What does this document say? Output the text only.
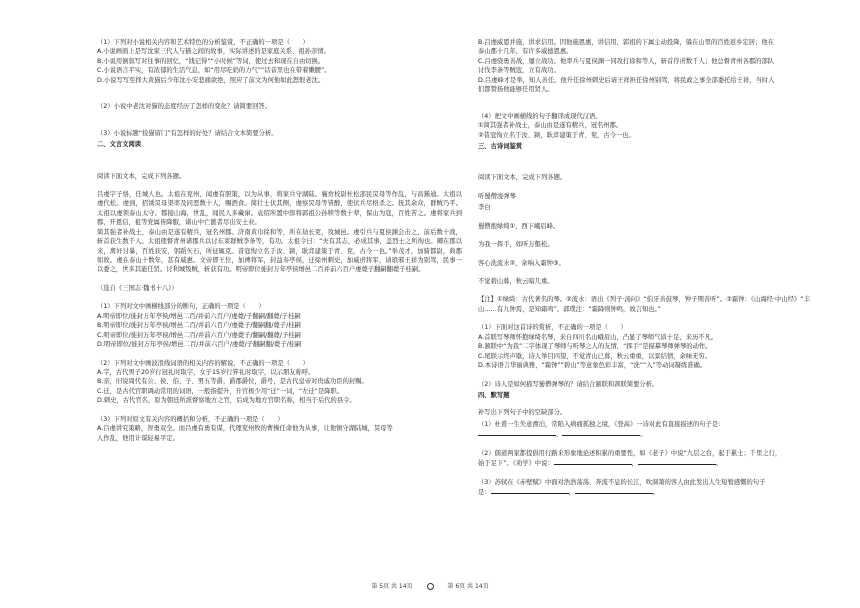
（1）下列对小说相关内容和艺术特色的分析鉴赏，不正确的一项是（　　）
A.小说画面上是写沈家三代人与猫之间的故事，实际讲述的是家庭关系、祖孙亲情。
B.小说用倒叙写对往事的回忆，“钱记得”“小时候”等词，使过去和现在自由切换。
C.小说语言平实，有浓郁的生活气息，如“用尽吃奶的力气”“话音里也在带着懒腰”。
D.小说写写至择大黄猫后少年沈小安悲痛欲绝，照应了前文为何他如此怒恨老沈。
（2）小说中老沈对猫的态度经历了怎样的变化？请简要回答。
（3）小说标题“捡猫留门”有怎样的好处？请结合文本简要分析。
二、文言文阅读
阅读下面文本，完成下列各题。
吕虔字子恪，任城人也。太祖在兖州，闻虔有胆策，以为从事，将家兵守湖陆。襄贲校尉杜松部民炅母等作乱，与昌豨通。太祖以虔代松。虔到，招诱炅母渠率及同恶数十人，赐酒食。简壮士伏其侧，虔察炅母等皆醉，使伏兵尽格杀之。抚其余众，群贼乃平。太祖以虔领泰山太守。郡接山海，世乱，闻民人多藏窜。袁绍所置中郎将郭祖公孙犊等数十辈，保山为寇，百姓苦之。虔将家兵到郡，开恩信，祖等党属皆降服，诸山中亡匿者尽出安土业。
简其强者补战士，泰山由是遂有精兵，冠名州郡。济南黄巾徐和等，所在劫长吏，攻城邑。虔引兵与夏侯渊会击之，前后数十战，斩首获生数千人。太祖使督青州诸郡兵以讨东莱群贼李条等，有功。太祖令曰：“夫有其志，必成其事，盖烈士之所徇也。卿在郡以来，禽奸讨暴，百姓获安，躬蹈矢石，所征辄克。昔寇恂立名于汝、颍，耿弇建策于青、兖，古今一也。”举茂才，加骑都尉，典郡如故。虔在泰山十数年，甚有威惠。文帝即王位，加裨将军，封益寿亭侯，迁徐州刺史，加威虏将军，请琅邪王祥为别驾，民事一以委之，世多其能任贤。讨利城叛贼，斩获有功。明帝即位徙封万年亭侯增邑二百并前六百户虔薨子翻嗣翻薨子桂嗣。
（选自《三国志·魏书十八》）
（1）下列对文中画横线部分的断句，正确的一项是（　　）
A.明帝即位/徙封万年亭侯/增邑二百/并前六百户/虔薨/子翻嗣/翻薨/子桂嗣
B.明帝即位/徙封万年亭侯/增邑二百/并前六百户/虔薨子/翻嗣翻/薨子/桂嗣
C.明帝即位/徙封万年亭侯/增邑二百/并前六百户/虔薨子/翻嗣/翻薨/子桂嗣
D.明帝即位/徙封万年亭侯/增邑二百/并前六百户/虔薨/子翻嗣翻/薨子/桂嗣
（2）下列对文中画波浪线词语的相关内容的解说，不正确的一项是（　　）
A.字，古代男子20岁行冠礼时取字，女子15岁行笄礼时取字，以示朋友称呼。
B.亲，旧说周代有公、侯、伯、子、男五等爵，爵郡爵位，爵号，是古代皇帝对贵戚功臣的封赐。
C.迁，是古代官职调动常用的词语，一般指提升，升官极少用“迁”一词，“左迁”是降职。
D.刺史，古代官名，原为朝廷所派督察地方之官，后成为地方官职名称，相当于后代的县令。
（3）下列对原文有关内容的概括和分析，不正确的一项是（　　）
A.吕虔讲究策略，智勇双全。而吕虔有勇有谋，代理兖州牧的曹操任命他为从事，让他镇守湖陆城，炅母等
人作乱，他用计谋轻易平定。
B.吕虔威恩并施，讲求信用。因他施恩惠，讲信用，郭祖的下属主动投降，躲在山里的百姓返乡定居；他在
泰山郡十几年，有许多威德恩惠。
C.吕虔骁勇善战，屡立战功。他率兵与夏侯渊一同攻打徐和等人，斩首俘虏数千人；他总督青州各郡的部队
讨伐李条等贼寇，立有战功。
D.吕虔峰才是举，知人善任。他升任徐州刺史后请王祥担任徐州别驾，将民政之事全部委托给王祥，当时人
们都赞扬他能够任用贤人。
（4）把文中画横线的句子翻译成现代汉语。
①简其强者补战士，泰山由是遂有精兵，冠名州郡。
②昔寇恂立名于汝、颍，耿弇建策于青、兖，古今一也。
三、古诗词鉴赏
阅读下面文本，完成下列各题。
听蜀僧浚弹琴
李白
蜀僧抱绿绮①，西下峨眉峰。
为我一挥手，如听万壑松。
客心洗流水②，余响入霜钟③。
不觉碧山暮，秋云暗几重。
【注】①绿绮：古代著名的琴。②流水：语出《列子·汤问》“伯牙善鼓琴，钟子期善听”。③霜钟：《山海经·中山经》“丰山……有九钟焉，是知霜鸣”。郭璞注：“霜降则钟鸣，故言知也。”
（1）下面对这首诗的赏析，不正确的一项是（　　）
A.首联写琴师怀抱绿绮名琴，来自四川名山峨眉山，凸显了琴师气质十足，来历不凡。
B.颔联中“为我”二字体现了琴师与听琴之人的友情，“挥手”是描摹琴师弹琴的动作。
C.尾联示终声歇，诗人举目四望，不觉青山已暮，秋云重重，以景结情，余味无穷。
D.本诗语言华丽典雅，“霜钟”“碧山”等意象色彩丰富，“洗”“入”等动词凝练准确。
（2）诗人是如何描写蜀僧弹琴的？请结合颔联和颈联简要分析。
四、默写题
补写出下列句子中的空缺部分。
（1）杜甫一生失意漂泊，常陷入病痛孤独之境，《登高》一诗对此有直接描述的句子是：
，	。
（2）儒道两家都提倡用行路来形象地论述积累的重要性，如《老子》中说“九层之台，起于累土；千里之行，
始于足下”。《劝学》中说：	，	。
（3）苏轼在《赤壁赋》中面对浩浩荡荡、奔流不息的长江，吹洞箫的客人由此发出人生短暂感慨的句子
是：	，	。
第 5页 共 14页	第 6页 共 14页
